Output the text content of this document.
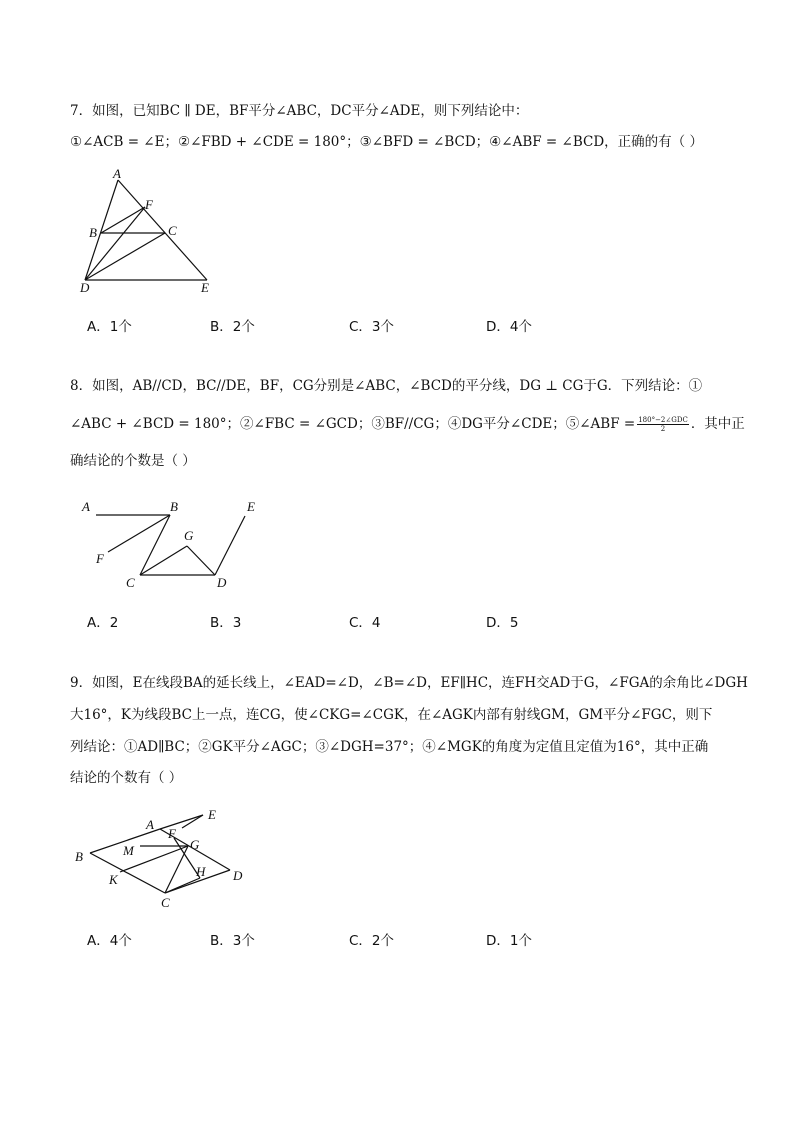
7．如图，已知BC ∥ DE，BF平分∠ABC，DC平分∠ADE，则下列结论中：
①∠ACB = ∠E；②∠FBD + ∠CDE = 180°；③∠BFD = ∠BCD；④∠ABF = ∠BCD，正确的有（ ）
A
F
B	C
D	E
A．1个	B．2个	C．3个	D．4个
8．如图，AB//CD，BC//DE，BF，CG分别是∠ABC，∠BCD的平分线，DG ⊥ CG于G．下列结论：①
∠ABC + ∠BCD = 180°；②∠FBC = ∠GCD；③BF//CG；④DG平分∠CDE；⑤∠ABF = $\frac{\text{180°−2∠GDC}}{2}$ ．其中正
确结论的个数是（ ）
A	B	E
G
F
C	D
A．2	B．3	C．4	D．5
9．如图，E在线段BA的延长线上，∠EAD=∠D，∠B=∠D，EF∥HC，连FH交AD于G，∠FGA的余角比∠DGH
大16°，K为线段BC上一点，连CG，使∠CKG=∠CGK，在∠AGK内部有射线GM，GM平分∠FGC，则下
列结论：①AD∥BC；②GK平分∠AGC；③∠DGH=37°；④∠MGK的角度为定值且定值为16°，其中正确
结论的个数有（ ）
E
A
F
B	M	G
H
K	D
C
A．4个	B．3个	C．2个	D．1个
